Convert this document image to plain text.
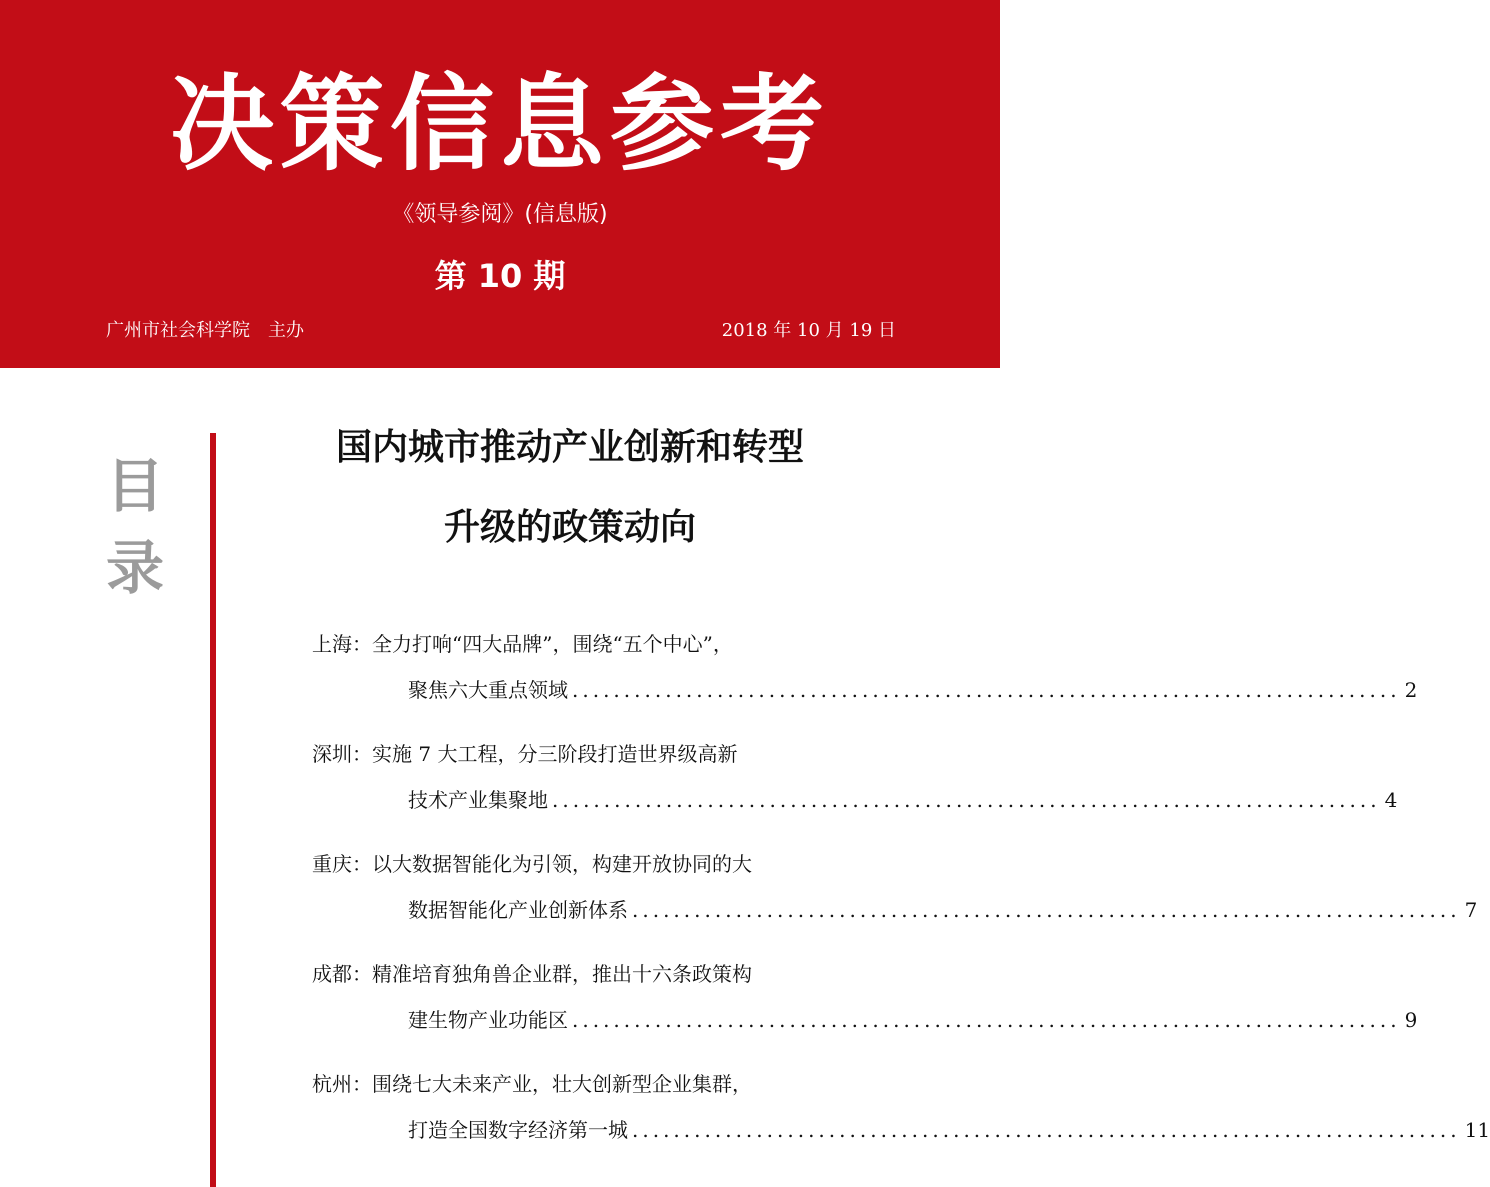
决策信息参考
《领导参阅》(信息版)
第 10 期
广州市社会科学院　主办	2018 年 10 月 19 日
目
录
国内城市推动产业创新和转型
升级的政策动向
上海：全力打响“四大品牌”，围绕“五个中心”，
聚焦六大重点领域 ................................................................................ 2
深圳：实施 7 大工程，分三阶段打造世界级高新
技术产业集聚地 ................................................................................ 4
重庆：以大数据智能化为引领，构建开放协同的大
数据智能化产业创新体系 ................................................................................ 7
成都：精准培育独角兽企业群，推出十六条政策构
建生物产业功能区 ................................................................................ 9
杭州：围绕七大未来产业，壮大创新型企业集群，
打造全国数字经济第一城 ................................................................................ 11
